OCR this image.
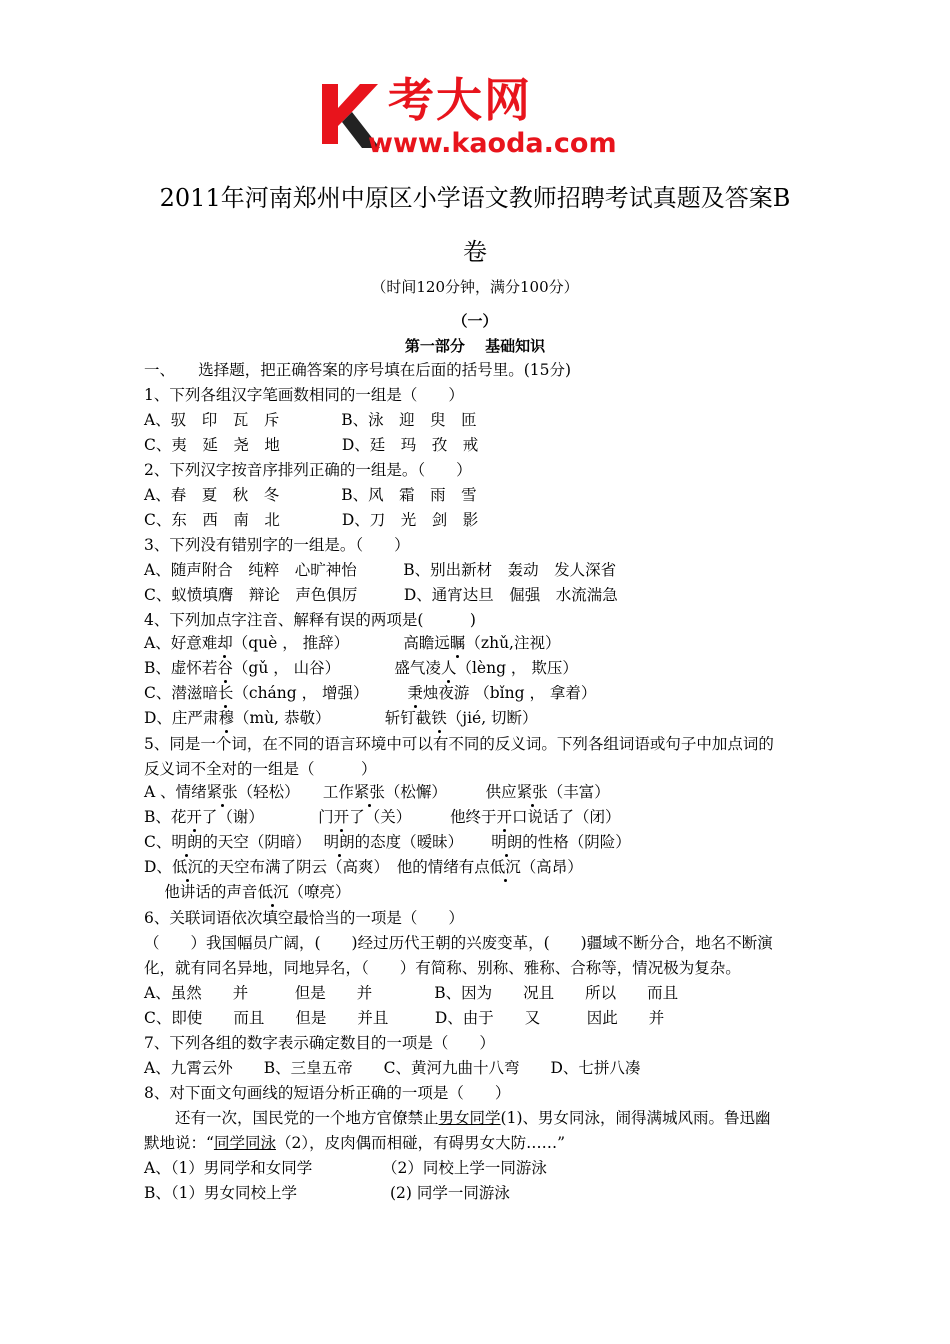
考大网
www.kaoda.com
2011年河南郑州中原区小学语文教师招聘考试真题及答案B
卷
（时间120分钟，满分100分）
（一）
第一部分　 基础知识
一、　　选择题，把正确答案的序号填在后面的括号里。(15分)
1、下列各组汉字笔画数相同的一组是（　　）
A、驭　印　瓦　斥　　　　B、泳　迎　臾　匝
C、夷　延　尧　地　　　　D、廷　玛　孜　戒
2、下列汉字按音序排列正确的一组是。（　　）
A、春　夏　秋　冬　　　　B、风　霜　雨　雪
C、东　西　南　北　　　　D、刀　光　剑　影
3、下列没有错别字的一组是。（　　）
A、随声附合　纯粹　心旷神怡　　　B、别出新材　轰动　发人深省
C、蚁愤填膺　辩论　声色俱厉　　　D、通宵达旦　倔强　水流湍急
4、下列加点字注音、解释有误的两项是(　　　)
A、好意难却（què ， 推辞）　　　　高瞻远瞩（zhǔ,注视）
B、虚怀若谷（gǔ ， 山谷）　　　　盛气凌人（lèng ， 欺压）
C、潜滋暗长（cháng ， 增强）　　　秉烛夜游 （bǐng ， 拿着）
D、庄严肃穆（mù, 恭敬）　　　　斩钉截铁（jié, 切断）
5、同是一个词，在不同的语言环境中可以有不同的反义词。下列各组词语或句子中加点词的
反义词不全对的一组是（　　　）
A 、情绪紧张（轻松）　　工作紧张（松懈）　　　供应紧张（丰富）
B、花开了（谢）　　　　门开了（关）　　　他终于开口说话了（闭）
C、明朗的天空（阴暗）　 明朗的态度（暧昧）　　 明朗的性格（阴险）
D、低沉的天空布满了阴云（高爽）　他的情绪有点低沉（高昂）
　 他讲话的声音低沉（嘹亮）
6、关联词语依次填空最恰当的一项是（　　）
（　　）我国幅员广阔，(　　)经过历代王朝的兴废变革，(　　)疆域不断分合，地名不断演
化，就有同名异地，同地异名，（　　）有简称、别称、雅称、合称等，情况极为复杂。
A、虽然　　并　　　但是　　并　　　　B、因为　　况且　　所以　　而且
C、即使　　而且　　但是　　并且　　　D、由于　　又　　　因此　　并
7、下列各组的数字表示确定数目的一项是（　　）
A、九霄云外　　B、三皇五帝　　C、黄河九曲十八弯　　D、七拼八凑
8、对下面文句画线的短语分析正确的一项是（　　）
　　还有一次，国民党的一个地方官僚禁止男女同学(1)、男女同泳，闹得满城风雨。鲁迅幽
默地说：“同学同泳（2），皮肉偶而相碰，有碍男女大防……”
A、（1）男同学和女同学　　　　　（2）同校上学一同游泳
B、（1）男女同校上学　　　　　　(2) 同学一同游泳
